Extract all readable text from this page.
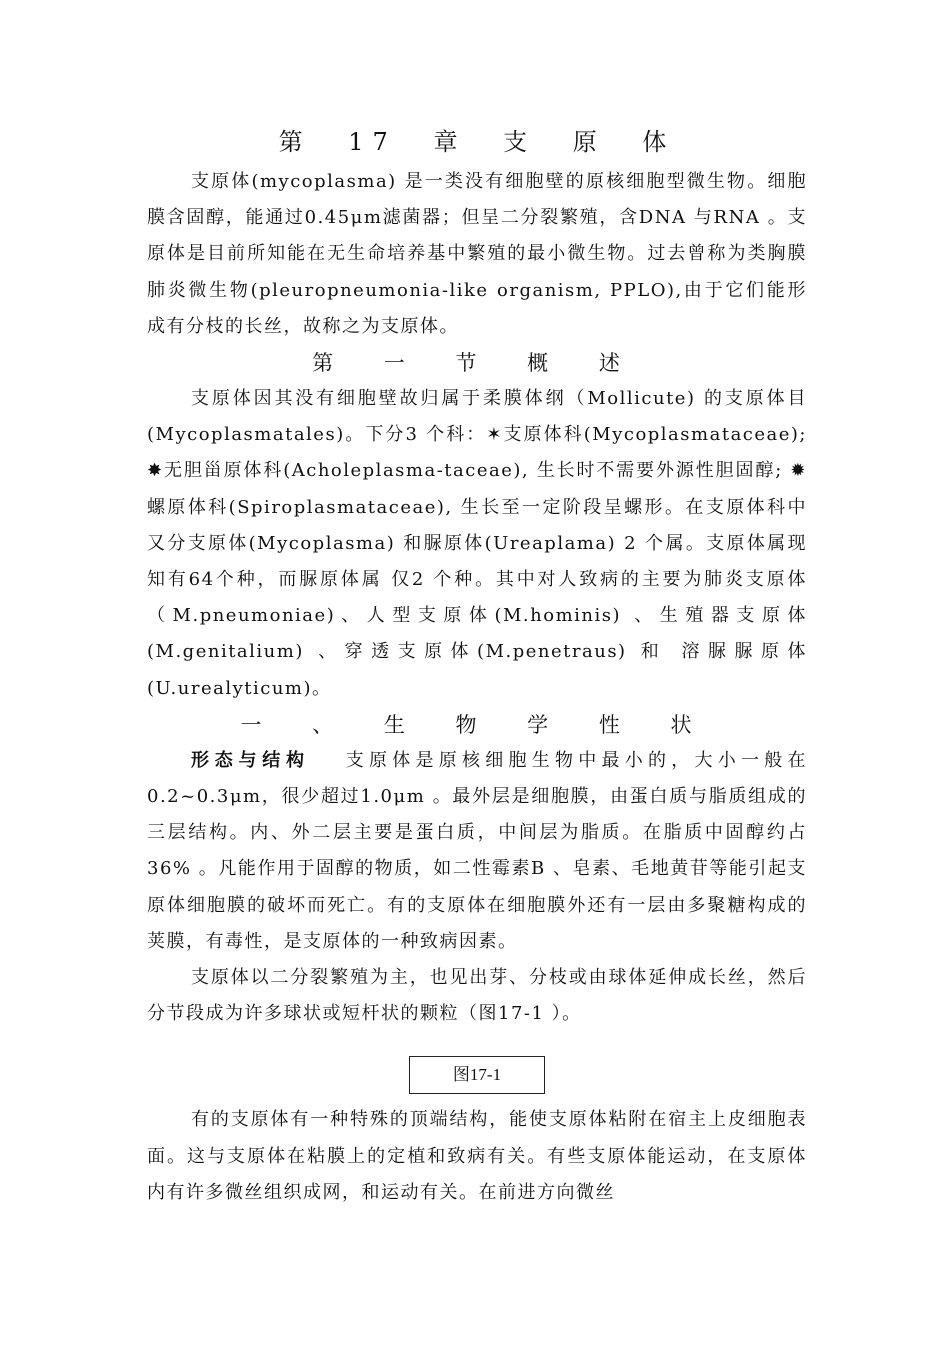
第 17 章 支 原 体

支原体(mycoplasma) 是一类没有细胞壁的原核细胞型微生物。细胞膜含固醇，能通过0.45μm滤菌器；但呈二分裂繁殖，含DNA 与RNA 。支原体是目前所知能在无生命培养基中繁殖的最小微生物。过去曾称为类胸膜肺炎微生物(pleuropneumonia-like organism, PPLO),由于它们能形成有分枝的长丝，故称之为支原体。

第 一 节 概 述

支原体因其没有细胞壁故归属于柔膜体纲（Mollicute) 的支原体目(Mycoplasmatales)。下分3 个科：✶支原体科(Mycoplasmataceae); ✸无胆甾原体科(Acholeplasma-taceae), 生长时不需要外源性胆固醇; ✹ 螺原体科(Spiroplasmataceae), 生长至一定阶段呈螺形。在支原体科中又分支原体(Mycoplasma) 和脲原体(Ureaplama) 2 个属。支原体属现知有64个种，而脲原体属 仅2 个种。其中对人致病的主要为肺炎支原体（M.pneumoniae)、人型支原体(M.hominis) 、生殖器支原体(M.genitalium) 、穿透支原体(M.penetraus) 和 溶脲脲原体(U.urealyticum)。

一 、 生 物 学 性 状

形态与结构 支原体是原核细胞生物中最小的，大小一般在0.2~0.3μm，很少超过1.0μm 。最外层是细胞膜，由蛋白质与脂质组成的三层结构。内、外二层主要是蛋白质，中间层为脂质。在脂质中固醇约占36% 。凡能作用于固醇的物质，如二性霉素B 、皂素、毛地黄苷等能引起支原体细胞膜的破坏而死亡。有的支原体在细胞膜外还有一层由多聚糖构成的荚膜，有毒性，是支原体的一种致病因素。

支原体以二分裂繁殖为主，也见出芽、分枝或由球体延伸成长丝，然后分节段成为许多球状或短杆状的颗粒（图17-1 ）。

图17-1

有的支原体有一种特殊的顶端结构，能使支原体粘附在宿主上皮细胞表面。这与支原体在粘膜上的定植和致病有关。有些支原体能运动，在支原体内有许多微丝组织成网，和运动有关。在前进方向微丝
